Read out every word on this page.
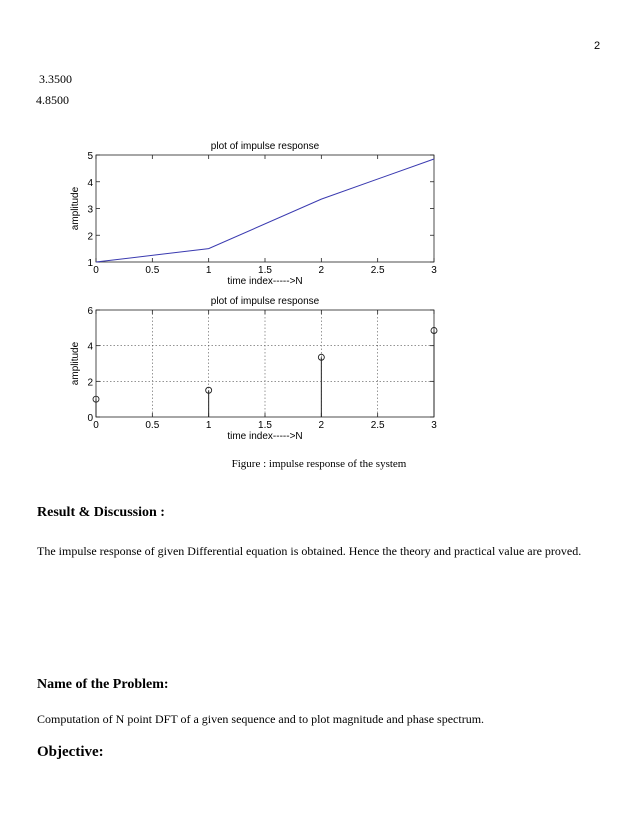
2
3.3500
4.8500
plot of impulse response
0	0.5	1	1.5	2	2.5	3
1
2
3
4
5
time index----->N
amplitude
plot of impulse response
0	0.5	1	1.5	2	2.5	3
0
2
4
6
time index----->N
amplitude
Figure : impulse response of the system
Result & Discussion :
The impulse response of given Differential equation is obtained. Hence the theory and practical value are proved.
Name of the Problem:
Computation of N point DFT of a given sequence and to plot magnitude and phase spectrum.
Objective:
